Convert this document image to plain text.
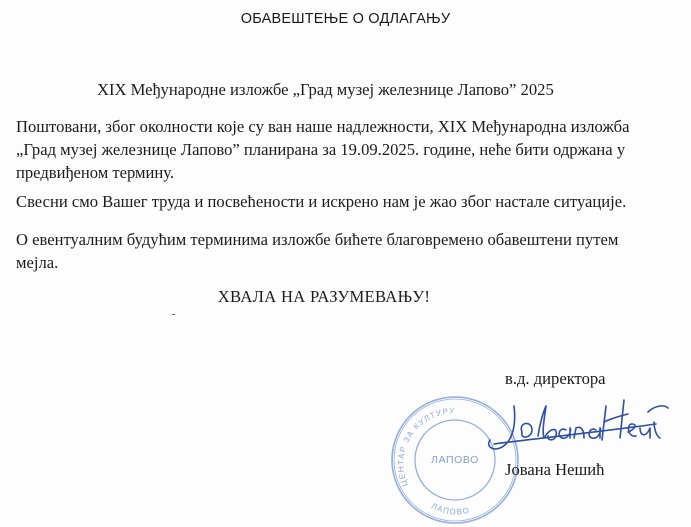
ОБАВЕШТЕЊЕ О ОДЛАГАЊУ
XIX Међународне изложбе „Град музеј железнице Лапово” 2025

Поштовани, због околности које су ван наше надлежности, XIX Међународна изложба „Град музеј железнице Лапово” планирана за 19.09.2025. године, неће бити одржана у предвиђеном термину.

Свесни смо Вашег труда и посвећености и искрено нам је жао због настале ситуације.

О евентуалним будућим терминима изложбе бићете благовремено обавештени путем мејла.

ХВАЛА НА РАЗУМЕВАЊУ!
в.д. директора
ЦЕНТАР ЗА КУЛТУРУ
ЛАПОВО
ЛАПОВО
Јована Нешић
